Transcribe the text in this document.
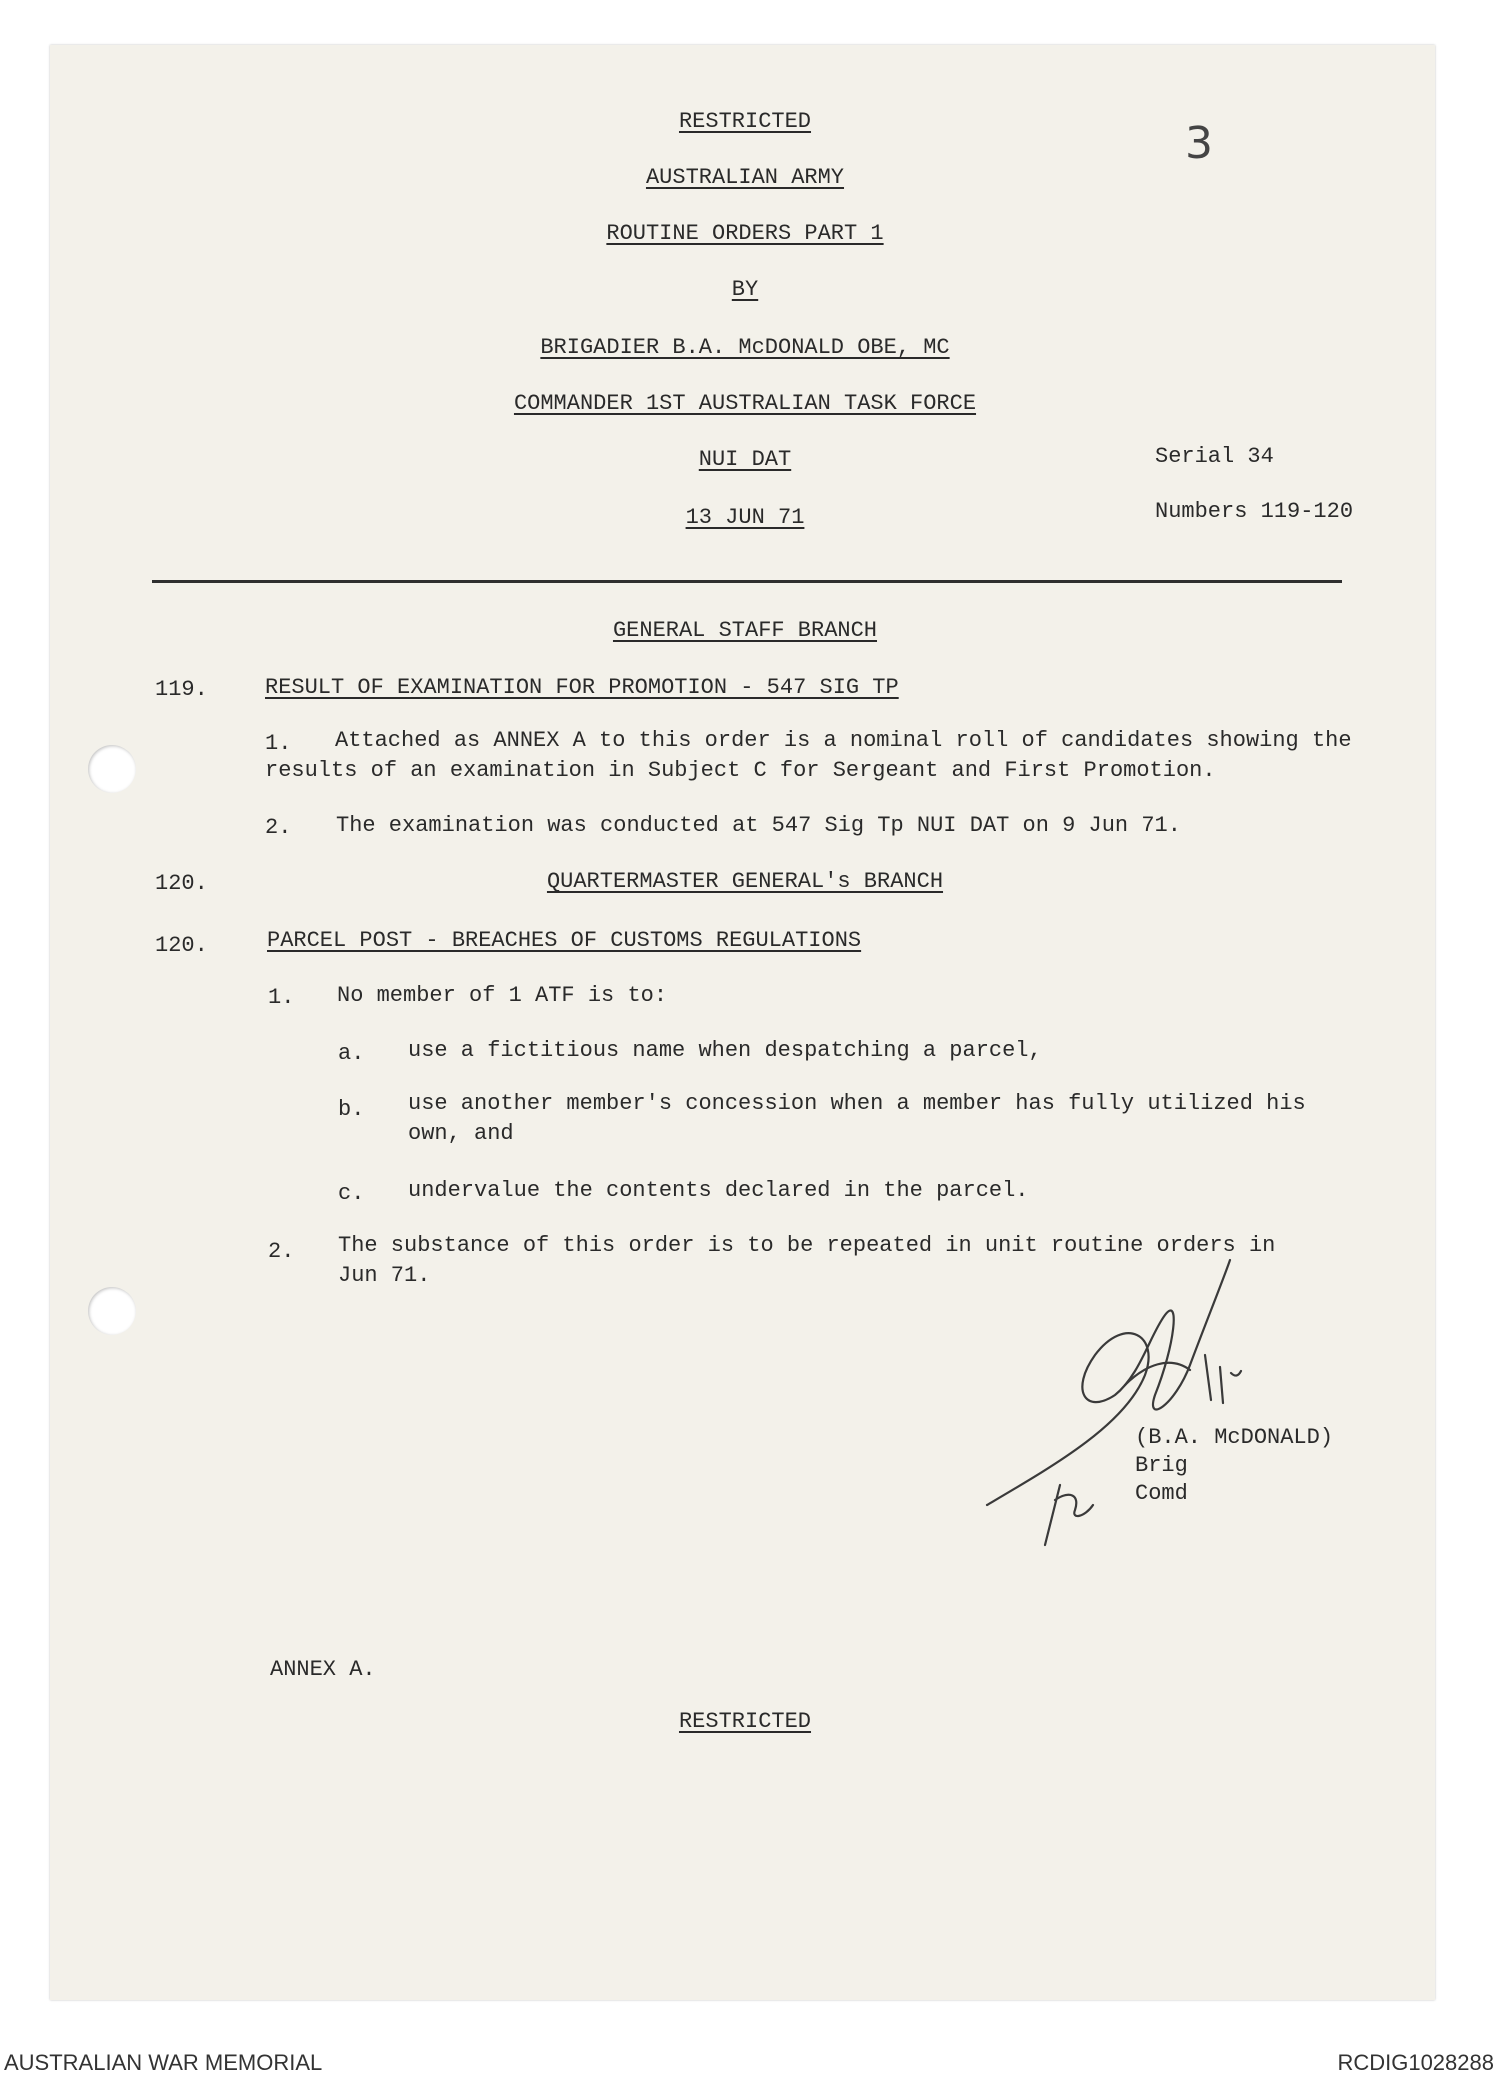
RESTRICTED
AUSTRALIAN ARMY
ROUTINE ORDERS PART 1
BY
BRIGADIER B.A. McDONALD OBE, MC
COMMANDER 1ST AUSTRALIAN TASK FORCE
NUI DAT
13 JUN 71
Serial 34
Numbers 119-120
3
GENERAL STAFF BRANCH
119.	RESULT OF EXAMINATION FOR PROMOTION - 547 SIG TP
1.	Attached as ANNEX A to this order is a nominal roll of candidates showing the results of an examination in Subject C for Sergeant and First Promotion.
2. The examination was conducted at 547 Sig Tp NUI DAT on 9 Jun 71.
120.	QUARTERMASTER GENERAL's BRANCH
120.	PARCEL POST - BREACHES OF CUSTOMS REGULATIONS
1. No member of 1 ATF is to:
a. use a fictitious name when despatching a parcel,
b. use another member's concession when a member has fully utilized his own, and
c. undervalue the contents declared in the parcel.
2. The substance of this order is to be repeated in unit routine orders in Jun 71.
(B.A. McDONALD)
Brig
Comd
ANNEX A.
RESTRICTED
AUSTRALIAN WAR MEMORIAL	RCDIG1028288
